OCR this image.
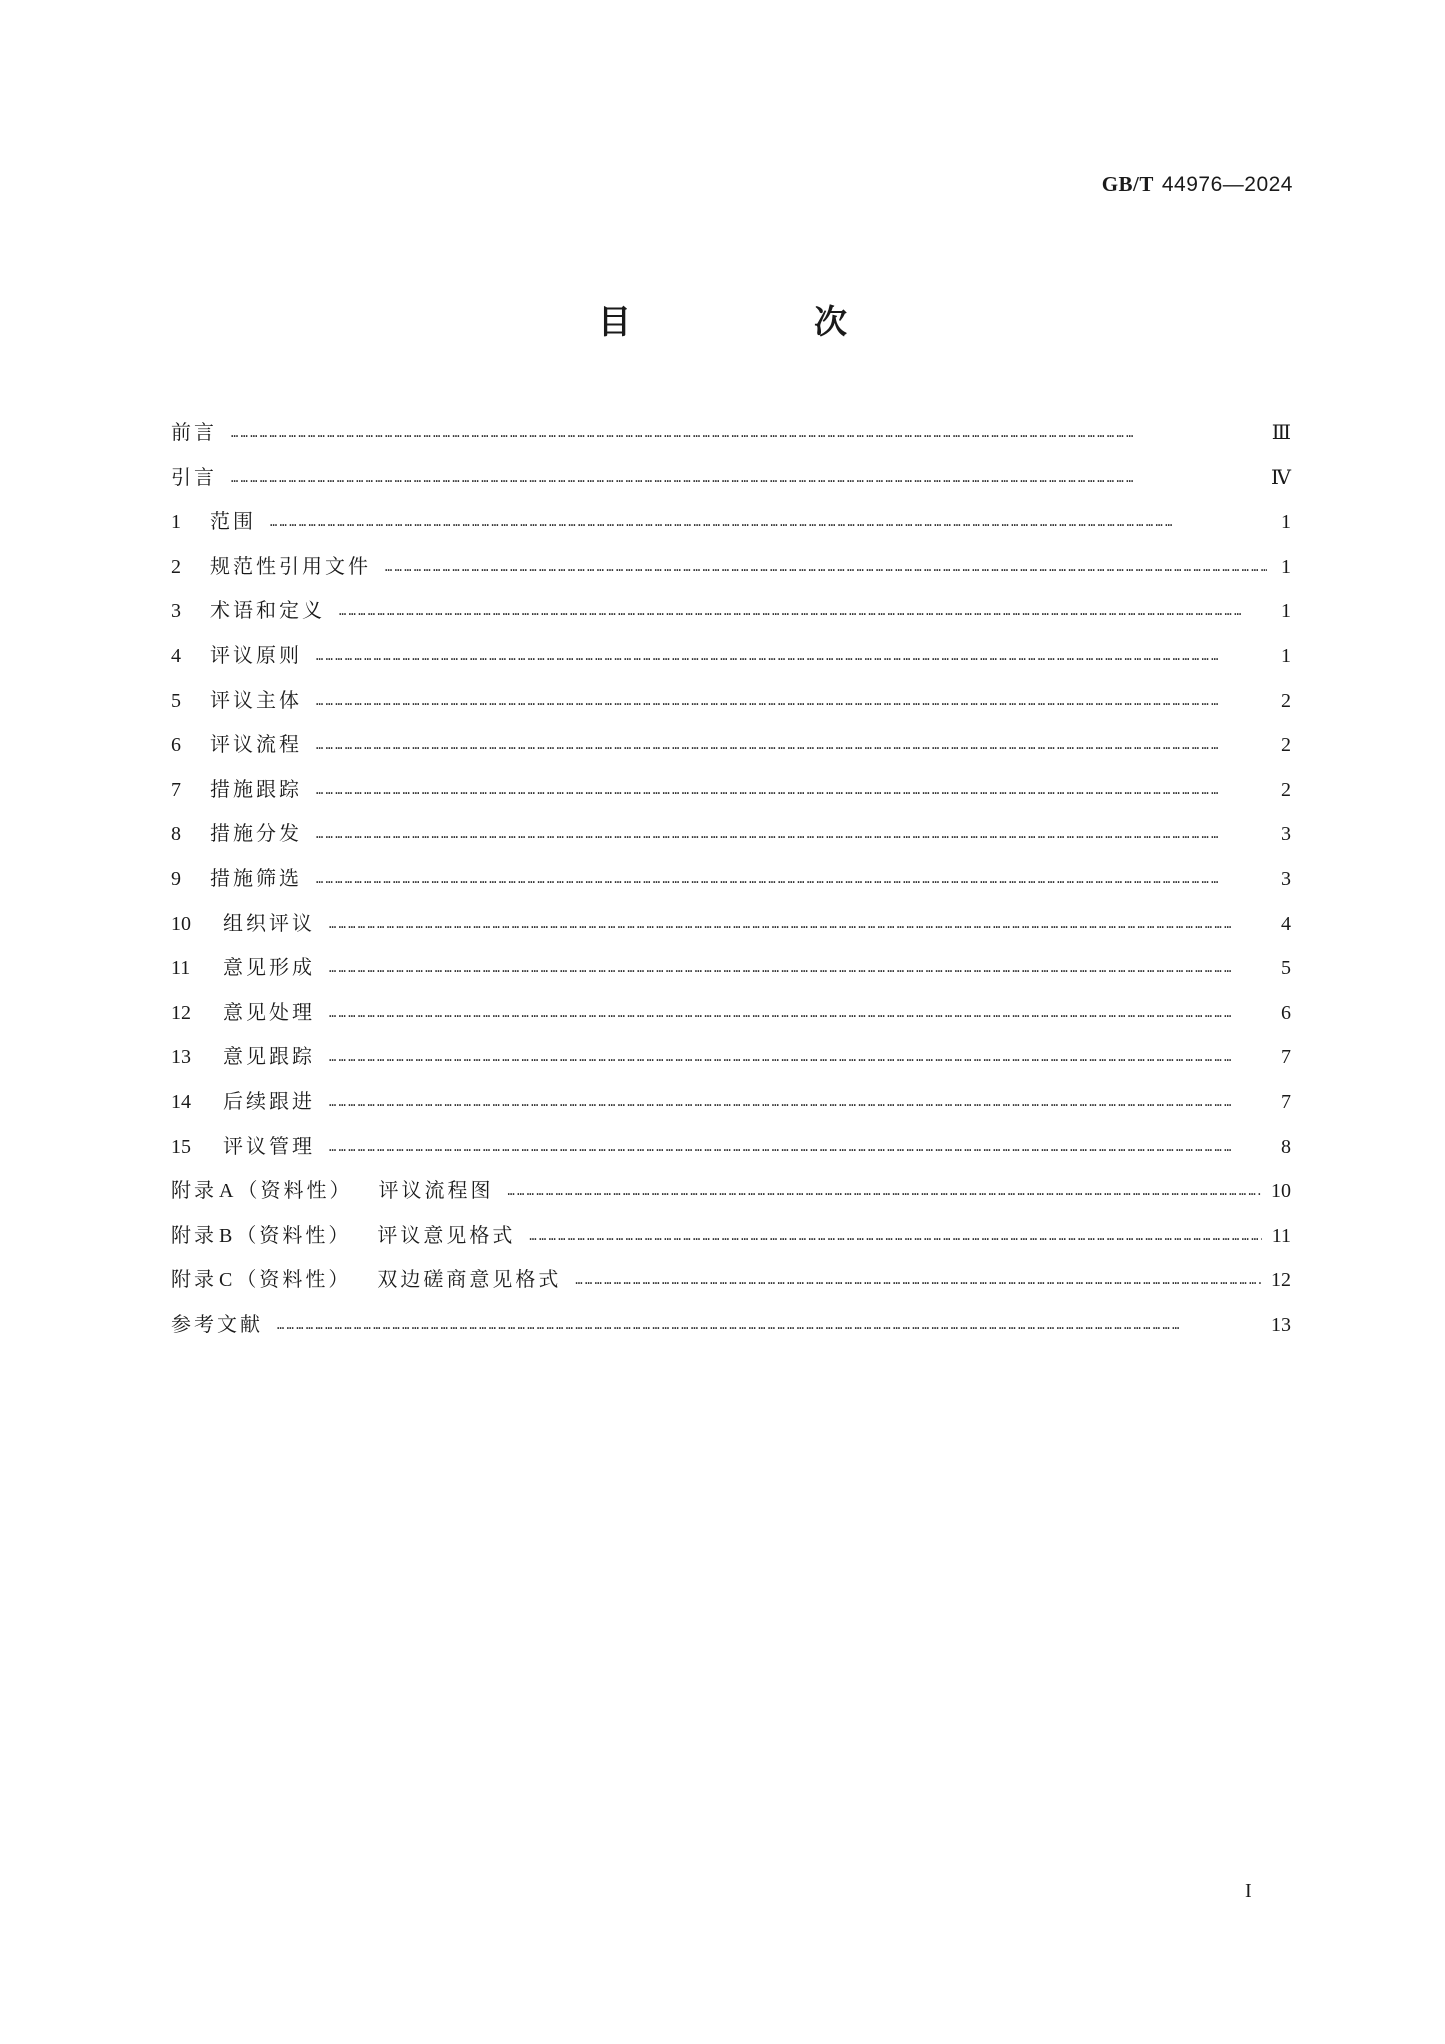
GB/T 44976—2024
目　次
前言 …………………………………………………………………………………………………………………………………………………………………………………………………………………………………………………………	Ⅲ
引言 …………………………………………………………………………………………………………………………………………………………………………………………………………………………………………………………	Ⅳ
1	范围 …………………………………………………………………………………………………………………………………………………………………………………………………………………………………………………………	1
2	规范性引用文件 …………………………………………………………………………………………………………………………………………………………………………………………………………………………………………………………	1
3	术语和定义 …………………………………………………………………………………………………………………………………………………………………………………………………………………………………………………………	1
4	评议原则 …………………………………………………………………………………………………………………………………………………………………………………………………………………………………………………………	1
5	评议主体 …………………………………………………………………………………………………………………………………………………………………………………………………………………………………………………………	2
6	评议流程 …………………………………………………………………………………………………………………………………………………………………………………………………………………………………………………………	2
7	措施跟踪 …………………………………………………………………………………………………………………………………………………………………………………………………………………………………………………………	2
8	措施分发 …………………………………………………………………………………………………………………………………………………………………………………………………………………………………………………………	3
9	措施筛选 …………………………………………………………………………………………………………………………………………………………………………………………………………………………………………………………	3
10	组织评议 …………………………………………………………………………………………………………………………………………………………………………………………………………………………………………………………	4
11	意见形成 …………………………………………………………………………………………………………………………………………………………………………………………………………………………………………………………	5
12	意见处理 …………………………………………………………………………………………………………………………………………………………………………………………………………………………………………………………	6
13	意见跟踪 …………………………………………………………………………………………………………………………………………………………………………………………………………………………………………………………	7
14	后续跟进 …………………………………………………………………………………………………………………………………………………………………………………………………………………………………………………………	7
15	评议管理 …………………………………………………………………………………………………………………………………………………………………………………………………………………………………………………………	8
附录 A （资料性） 评议流程图 …………………………………………………………………………………………………………………………………………………………………………………………………………………………………………………………	10
附录 B （资料性） 评议意见格式 …………………………………………………………………………………………………………………………………………………………………………………………………………………………………………………………	11
附录 C （资料性） 双边磋商意见格式 …………………………………………………………………………………………………………………………………………………………………………………………………………………………………………………………	12
参考文献 …………………………………………………………………………………………………………………………………………………………………………………………………………………………………………………………	13
I
